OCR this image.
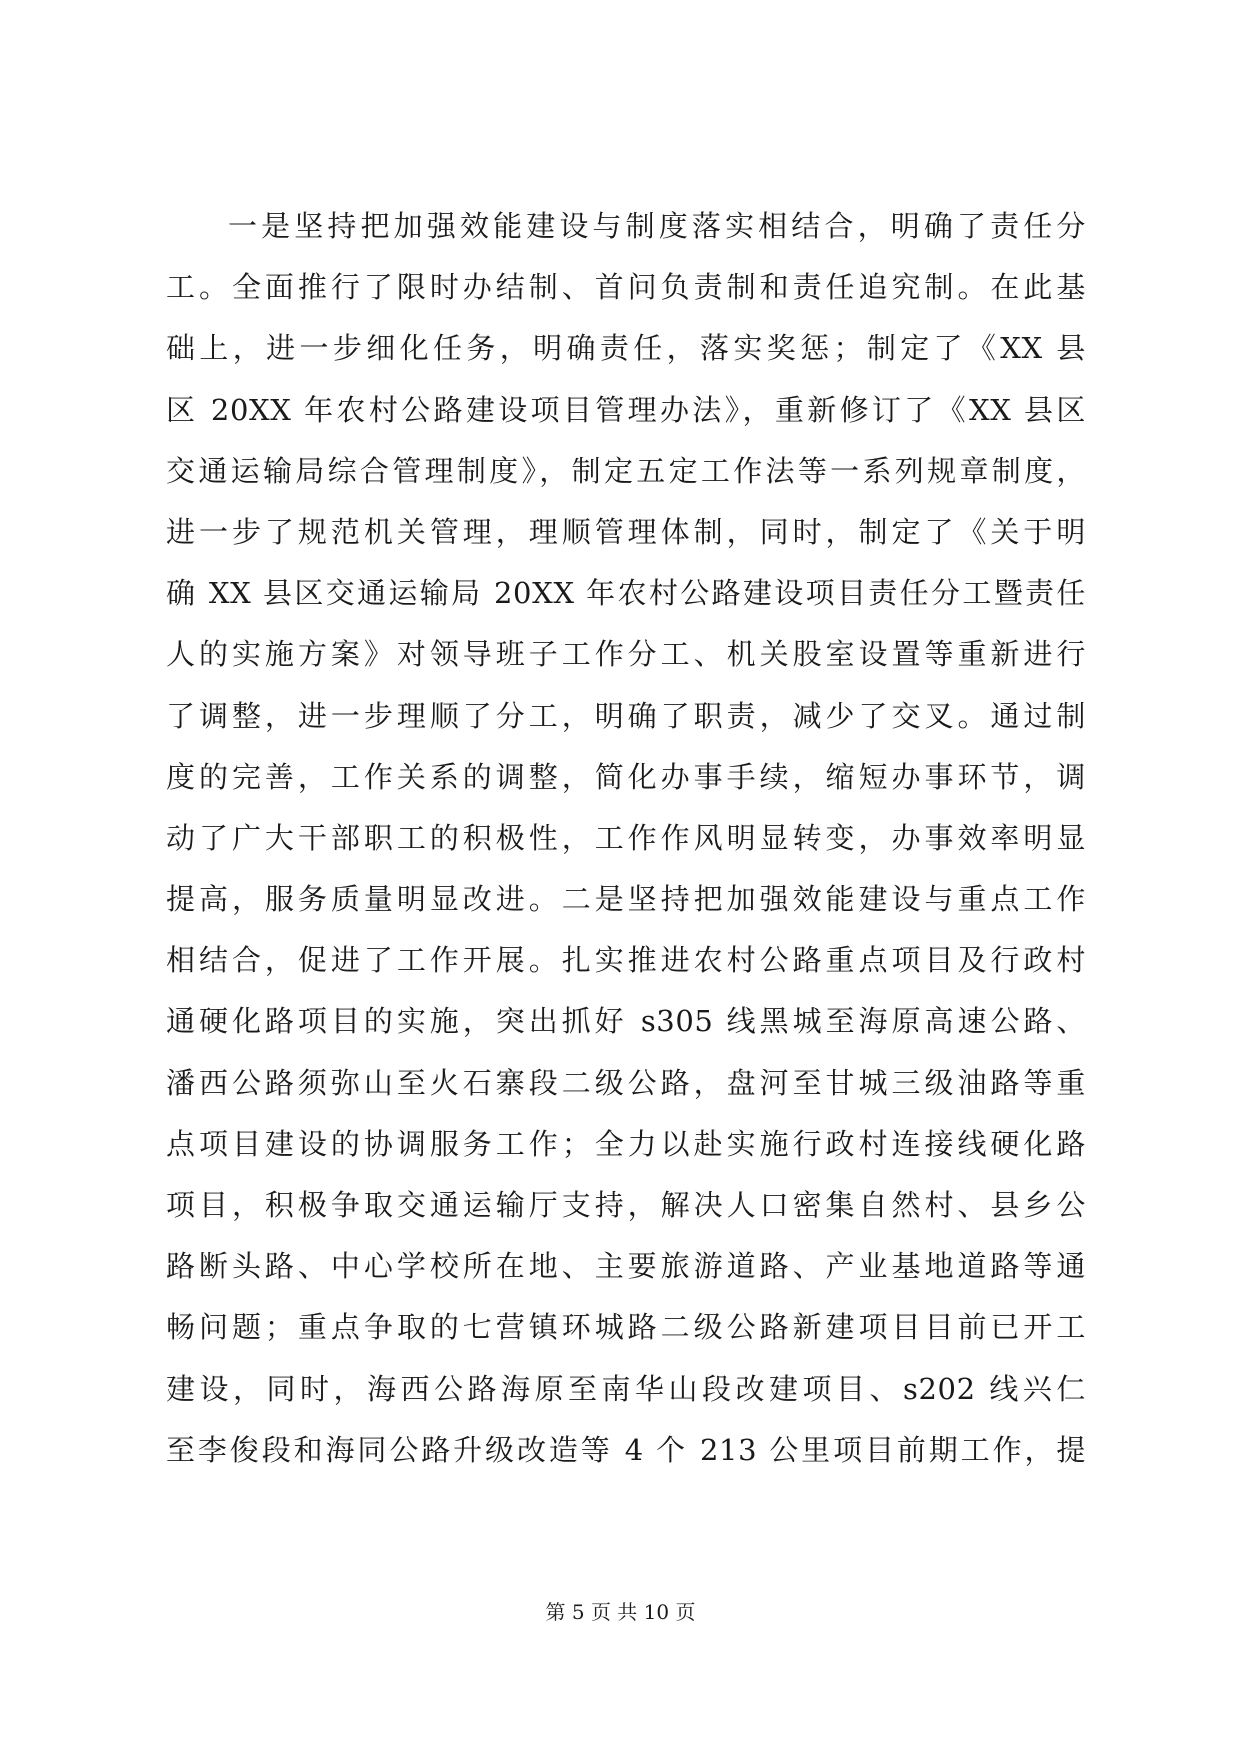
一是坚持把加强效能建设与制度落实相结合，明确了责任分
工。全面推行了限时办结制、首问负责制和责任追究制。在此基
础上，进一步细化任务，明确责任，落实奖惩；制定了《XX 县
区 20XX 年农村公路建设项目管理办法》，重新修订了《XX 县区
交通运输局综合管理制度》，制定五定工作法等一系列规章制度，
进一步了规范机关管理，理顺管理体制，同时，制定了《关于明
确 XX 县区交通运输局 20XX 年农村公路建设项目责任分工暨责任
人的实施方案》对领导班子工作分工、机关股室设置等重新进行
了调整，进一步理顺了分工，明确了职责，减少了交叉。通过制
度的完善，工作关系的调整，简化办事手续，缩短办事环节，调
动了广大干部职工的积极性，工作作风明显转变，办事效率明显
提高，服务质量明显改进。二是坚持把加强效能建设与重点工作
相结合，促进了工作开展。扎实推进农村公路重点项目及行政村
通硬化路项目的实施，突出抓好 s305 线黑城至海原高速公路、
潘西公路须弥山至火石寨段二级公路，盘河至甘城三级油路等重
点项目建设的协调服务工作；全力以赴实施行政村连接线硬化路
项目，积极争取交通运输厅支持，解决人口密集自然村、县乡公
路断头路、中心学校所在地、主要旅游道路、产业基地道路等通
畅问题；重点争取的七营镇环城路二级公路新建项目目前已开工
建设，同时，海西公路海原至南华山段改建项目、s202 线兴仁
至李俊段和海同公路升级改造等 4 个 213 公里项目前期工作，提
第 5 页 共 10 页
